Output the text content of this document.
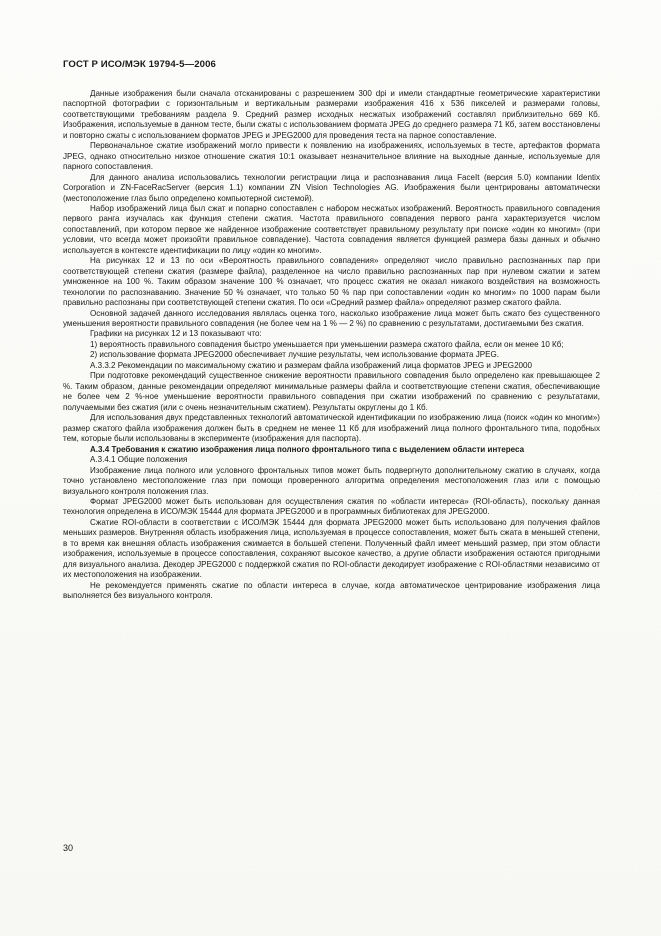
ГОСТ Р ИСО/МЭК 19794-5—2006

Данные изображения были сначала отсканированы с разрешением 300 dpi и имели стандартные геометрические характеристики паспортной фотографии с горизонтальным и вертикальным размерами изображения 416 x 536 пикселей и размерами головы, соответствующими требованиям раздела 9. Средний размер исходных несжатых изображений составлял приблизительно 669 Кб. Изображения, используемые в данном тесте, были сжаты с использованием формата JPEG до среднего размера 71 Кб, затем восстановлены и повторно сжаты с использованием форматов JPEG и JPEG2000 для проведения теста на парное сопоставление.

Первоначальное сжатие изображений могло привести к появлению на изображениях, используемых в тесте, артефактов формата JPEG, однако относительно низкое отношение сжатия 10:1 оказывает незначительное влияние на выходные данные, используемые для парного сопоставления.

Для данного анализа использовались технологии регистрации лица и распознавания лица FaceIt (версия 5.0) компании Identix Corporation и ZN-FaceRacServer (версия 1.1) компании ZN Vision Technologies AG. Изображения были центрированы автоматически (местоположение глаз было определено компьютерной системой).

Набор изображений лица был сжат и попарно сопоставлен с набором несжатых изображений. Вероятность правильного совпадения первого ранга изучалась как функция степени сжатия. Частота правильного совпадения первого ранга характеризуется числом сопоставлений, при котором первое же найденное изображение соответствует правильному результату при поиске «один ко многим» (при условии, что всегда может произойти правильное совпадение). Частота совпадения является функцией размера базы данных и обычно используется в контексте идентификации по лицу «один ко многим».

На рисунках 12 и 13 по оси «Вероятность правильного совпадения» определяют число правильно распознанных пар при соответствующей степени сжатия (размере файла), разделенное на число правильно распознанных пар при нулевом сжатии и затем умноженное на 100 %. Таким образом значение 100 % означает, что процесс сжатия не оказал никакого воздействия на возможность технологии по распознаванию. Значение 50 % означает, что только 50 % пар при сопоставлении «один ко многим» по 1000 парам были правильно распознаны при соответствующей степени сжатия. По оси «Средний размер файла» определяют размер сжатого файла.

Основной задачей данного исследования являлась оценка того, насколько изображение лица может быть сжато без существенного уменьшения вероятности правильного совпадения (не более чем на 1 % — 2 %) по сравнению с результатами, достигаемыми без сжатия.

Графики на рисунках 12 и 13 показывают что:

1) вероятность правильного совпадения быстро уменьшается при уменьшении размера сжатого файла, если он менее 10 Кб;

2) использование формата JPEG2000 обеспечивает лучшие результаты, чем использование формата JPEG.

А.3.3.2 Рекомендации по максимальному сжатию и размерам файла изображений лица форматов JPEG и JPEG2000

При подготовке рекомендаций существенное снижение вероятности правильного совпадения было определено как превышающее 2 %. Таким образом, данные рекомендации определяют минимальные размеры файла и соответствующие степени сжатия, обеспечивающие не более чем 2 %-ное уменьшение вероятности правильного совпадения при сжатии изображений по сравнению с результатами, получаемыми без сжатия (или с очень незначительным сжатием). Результаты округлены до 1 Кб.

Для использования двух представленных технологий автоматической идентификации по изображению лица (поиск «один ко многим») размер сжатого файла изображения должен быть в среднем не менее 11 Кб для изображений лица полного фронтального типа, подобных тем, которые были использованы в эксперименте (изображения для паспорта).

А.3.4 Требования к сжатию изображения лица полного фронтального типа с выделением области интереса

А.3.4.1 Общие положения

Изображение лица полного или условного фронтальных типов может быть подвергнуто дополнительному сжатию в случаях, когда точно установлено местоположение глаз при помощи проверенного алгоритма определения местоположения глаз или с помощью визуального контроля положения глаз.

Формат JPEG2000 может быть использован для осуществления сжатия по «области интереса» (ROI-область), поскольку данная технология определена в ИСО/МЭК 15444 для формата JPEG2000 и в программных библиотеках для JPEG2000.

Сжатие ROI-области в соответствии с ИСО/МЭК 15444 для формата JPEG2000 может быть использовано для получения файлов меньших размеров. Внутренняя область изображения лица, используемая в процессе сопоставления, может быть сжата в меньшей степени, в то время как внешняя область изображения сжимается в большей степени. Полученный файл имеет меньший размер, при этом области изображения, используемые в процессе сопоставления, сохраняют высокое качество, а другие области изображения остаются пригодными для визуального анализа. Декодер JPEG2000 с поддержкой сжатия по ROI-области декодирует изображение с ROI-областями независимо от их местоположения на изображении.

Не рекомендуется применять сжатие по области интереса в случае, когда автоматическое центрирование изображения лица выполняется без визуального контроля.

30
